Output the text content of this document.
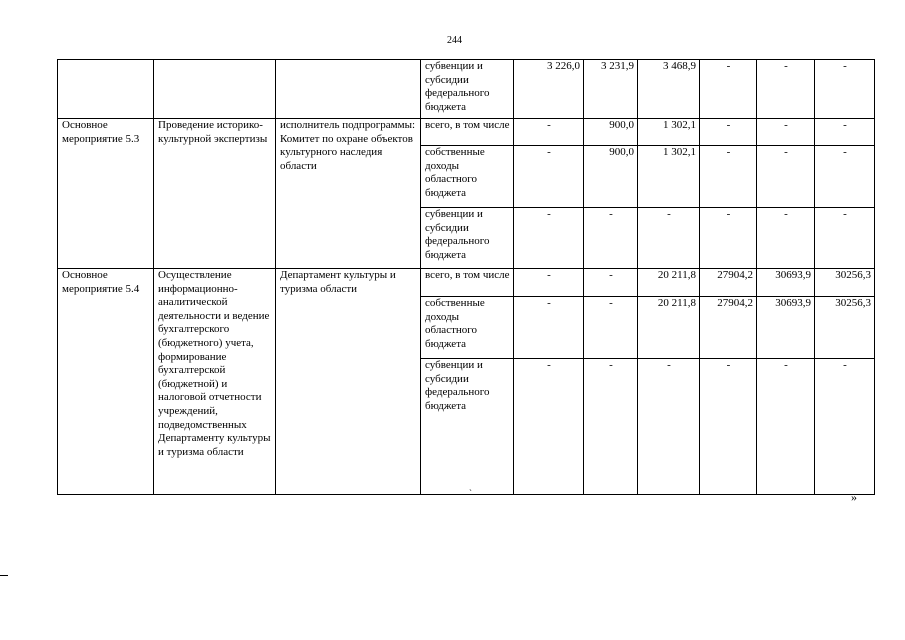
244
			субвенции и субсидии федерального бюджета	3 226,0	3 231,9	3 468,9	-	-	-
Основное мероприятие 5.3	Проведение историко-культурной экспертизы	исполнитель подпрограммы: Комитет по охране объектов культурного наследия области	всего, в том числе	-	900,0	1 302,1	-	-	-
			собственные доходы областного бюджета	-	900,0	1 302,1	-	-	-
			субвенции и субсидии федерального бюджета	-	-	-	-	-	-
Основное мероприятие 5.4	Осуществление информационно-аналитической деятельности и ведение бухгалтерского (бюджетного) учета, формирование бухгалтерской (бюджетной) и налоговой отчетности учреждений, подведомственных Департаменту культуры и туризма области	Департамент культуры и туризма области	всего, в том числе	-	-	20 211,8	27904,2	30693,9	30256,3
			собственные доходы областного бюджета	-	-	20 211,8	27904,2	30693,9	30256,3
			субвенции и субсидии федерального бюджета	-	-	-	-	-	-
ˋ	»
